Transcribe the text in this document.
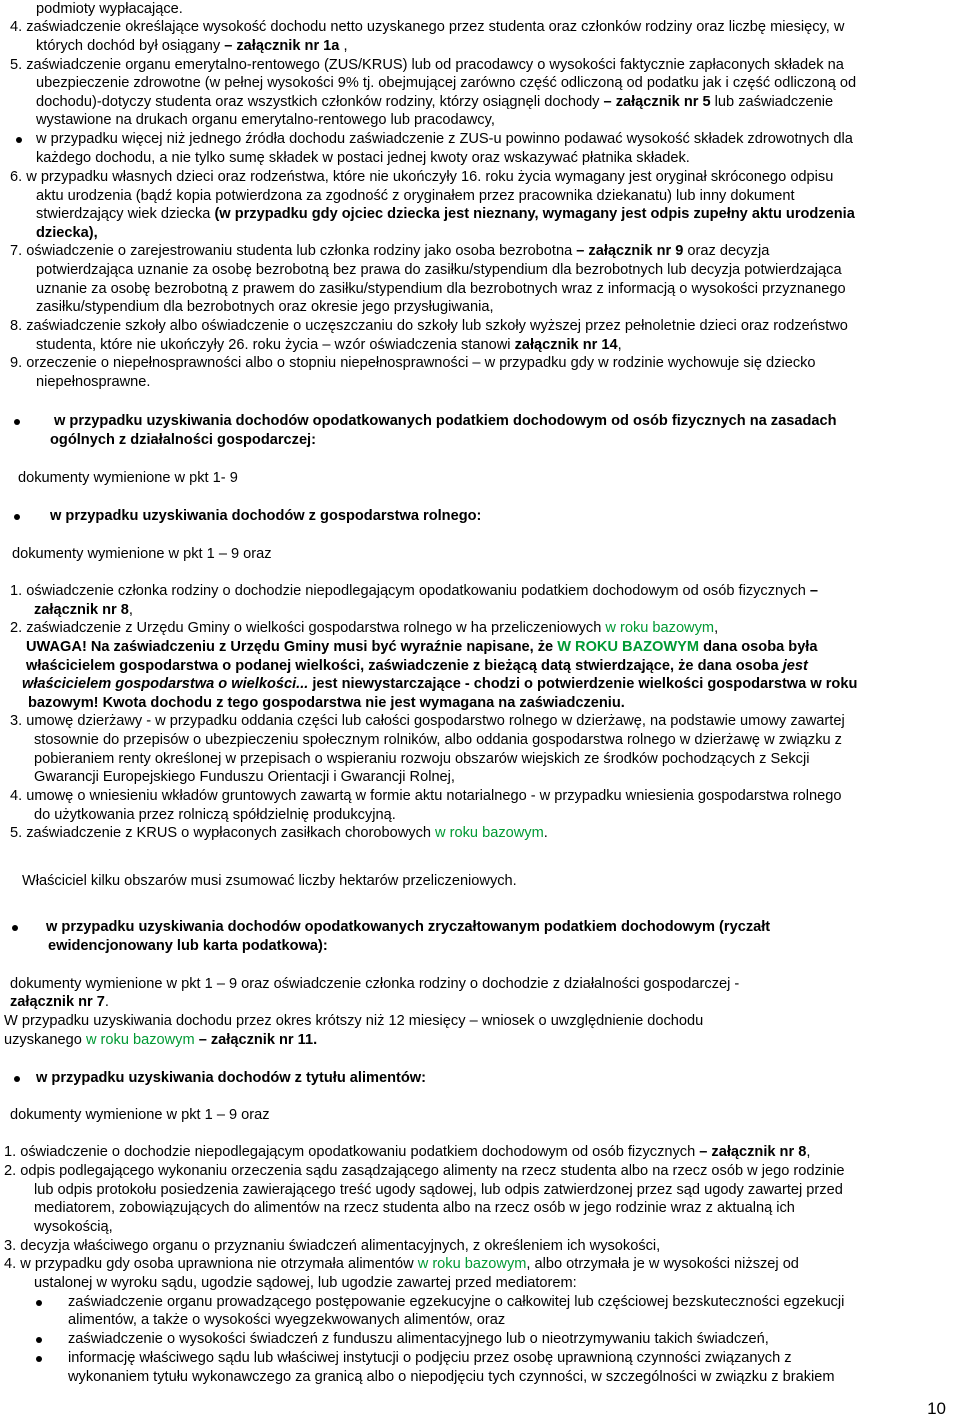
podmioty wypłacające.
4. zaświadczenie określające wysokość dochodu netto uzyskanego przez studenta oraz członków rodziny oraz liczbę miesięcy, w
których dochód był osiągany – załącznik nr 1a ,
5. zaświadczenie organu emerytalno-rentowego (ZUS/KRUS) lub od pracodawcy o wysokości faktycznie zapłaconych składek na
ubezpieczenie zdrowotne (w pełnej wysokości 9% tj. obejmującej zarówno część odliczoną od podatku jak i część odliczoną od
dochodu)-dotyczy studenta oraz wszystkich członków rodziny, którzy osiągnęli dochody – załącznik nr 5 lub zaświadczenie
wystawione na drukach organu emerytalno-rentowego lub pracodawcy,
w przypadku więcej niż jednego źródła dochodu zaświadczenie z ZUS-u powinno podawać wysokość składek zdrowotnych dla
każdego dochodu, a nie tylko sumę składek w postaci jednej kwoty oraz wskazywać płatnika składek.
6. w przypadku własnych dzieci oraz rodzeństwa, które nie ukończyły 16. roku życia wymagany jest oryginał skróconego odpisu
aktu urodzenia (bądź kopia potwierdzona za zgodność z oryginałem przez pracownika dziekanatu) lub inny dokument
stwierdzający wiek dziecka (w przypadku gdy ojciec dziecka jest nieznany, wymagany jest odpis zupełny aktu urodzenia
dziecka),
7. oświadczenie o zarejestrowaniu studenta lub członka rodziny jako osoba bezrobotna – załącznik nr 9 oraz decyzja
potwierdzająca uznanie za osobę bezrobotną bez prawa do zasiłku/stypendium dla bezrobotnych lub decyzja potwierdzająca
uznanie za osobę bezrobotną z prawem do zasiłku/stypendium dla bezrobotnych wraz z informacją o wysokości przyznanego
zasiłku/stypendium dla bezrobotnych oraz okresie jego przysługiwania,
8. zaświadczenie szkoły albo oświadczenie o uczęszczaniu do szkoły lub szkoły wyższej przez pełnoletnie dzieci oraz rodzeństwo
studenta, które nie ukończyły 26. roku życia – wzór oświadczenia stanowi załącznik nr 14,
9. orzeczenie o niepełnosprawności albo o stopniu niepełnosprawności – w przypadku gdy w rodzinie wychowuje się dziecko
niepełnosprawne.
w przypadku uzyskiwania dochodów opodatkowanych podatkiem dochodowym od osób fizycznych na zasadach
ogólnych z działalności gospodarczej:
dokumenty wymienione w pkt 1- 9
w przypadku uzyskiwania dochodów z gospodarstwa rolnego:
dokumenty wymienione w pkt 1 – 9 oraz
1. oświadczenie członka rodziny o dochodzie niepodlegającym opodatkowaniu podatkiem dochodowym od osób fizycznych –
załącznik nr 8,
2. zaświadczenie z Urzędu Gminy o wielkości gospodarstwa rolnego w ha przeliczeniowych w roku bazowym,
UWAGA! Na zaświadczeniu z Urzędu Gminy musi być wyraźnie napisane, że W ROKU BAZOWYM dana osoba była
właścicielem gospodarstwa o podanej wielkości, zaświadczenie z bieżącą datą stwierdzające, że dana osoba jest
właścicielem gospodarstwa o wielkości... jest niewystarczające - chodzi o potwierdzenie wielkości gospodarstwa w roku
bazowym! Kwota dochodu z tego gospodarstwa nie jest wymagana na zaświadczeniu.
3. umowę dzierżawy - w przypadku oddania części lub całości gospodarstwo rolnego w dzierżawę, na podstawie umowy zawartej
stosownie do przepisów o ubezpieczeniu społecznym rolników, albo oddania gospodarstwa rolnego w dzierżawę w związku z
pobieraniem renty określonej w przepisach o wspieraniu rozwoju obszarów wiejskich ze środków pochodzących z Sekcji
Gwarancji Europejskiego Funduszu Orientacji i Gwarancji Rolnej,
4. umowę o wniesieniu wkładów gruntowych zawartą w formie aktu notarialnego - w przypadku wniesienia gospodarstwa rolnego
do użytkowania przez rolniczą spółdzielnię produkcyjną.
5. zaświadczenie z KRUS o wypłaconych zasiłkach chorobowych w roku bazowym.
Właściciel kilku obszarów musi zsumować liczby hektarów przeliczeniowych.
w przypadku uzyskiwania dochodów opodatkowanych zryczałtowanym podatkiem dochodowym (ryczałt
ewidencjonowany lub karta podatkowa):
dokumenty wymienione w pkt 1 – 9 oraz oświadczenie członka rodziny o dochodzie z działalności gospodarczej -
załącznik nr 7.
W przypadku uzyskiwania dochodu przez okres krótszy niż 12 miesięcy – wniosek o uwzględnienie dochodu
uzyskanego w roku bazowym – załącznik nr 11.
w przypadku uzyskiwania dochodów z tytułu alimentów:
dokumenty wymienione w pkt 1 – 9 oraz
1. oświadczenie o dochodzie niepodlegającym opodatkowaniu podatkiem dochodowym od osób fizycznych – załącznik nr 8,
2. odpis podlegającego wykonaniu orzeczenia sądu zasądzającego alimenty na rzecz studenta albo na rzecz osób w jego rodzinie
lub odpis protokołu posiedzenia zawierającego treść ugody sądowej, lub odpis zatwierdzonej przez sąd ugody zawartej przed
mediatorem, zobowiązujących do alimentów na rzecz studenta albo na rzecz osób w jego rodzinie wraz z aktualną ich
wysokością,
3. decyzja właściwego organu o przyznaniu świadczeń alimentacyjnych, z określeniem ich wysokości,
4. w przypadku gdy osoba uprawniona nie otrzymała alimentów w roku bazowym, albo otrzymała je w wysokości niższej od
ustalonej w wyroku sądu, ugodzie sądowej, lub ugodzie zawartej przed mediatorem:
zaświadczenie organu prowadzącego postępowanie egzekucyjne o całkowitej lub częściowej bezskuteczności egzekucji
alimentów, a także o wysokości wyegzekwowanych alimentów, oraz
zaświadczenie o wysokości świadczeń z funduszu alimentacyjnego lub o nieotrzymywaniu takich świadczeń,
informację właściwego sądu lub właściwej instytucji o podjęciu przez osobę uprawnioną czynności związanych z
wykonaniem tytułu wykonawczego za granicą albo o niepodjęciu tych czynności, w szczególności w związku z brakiem
10
